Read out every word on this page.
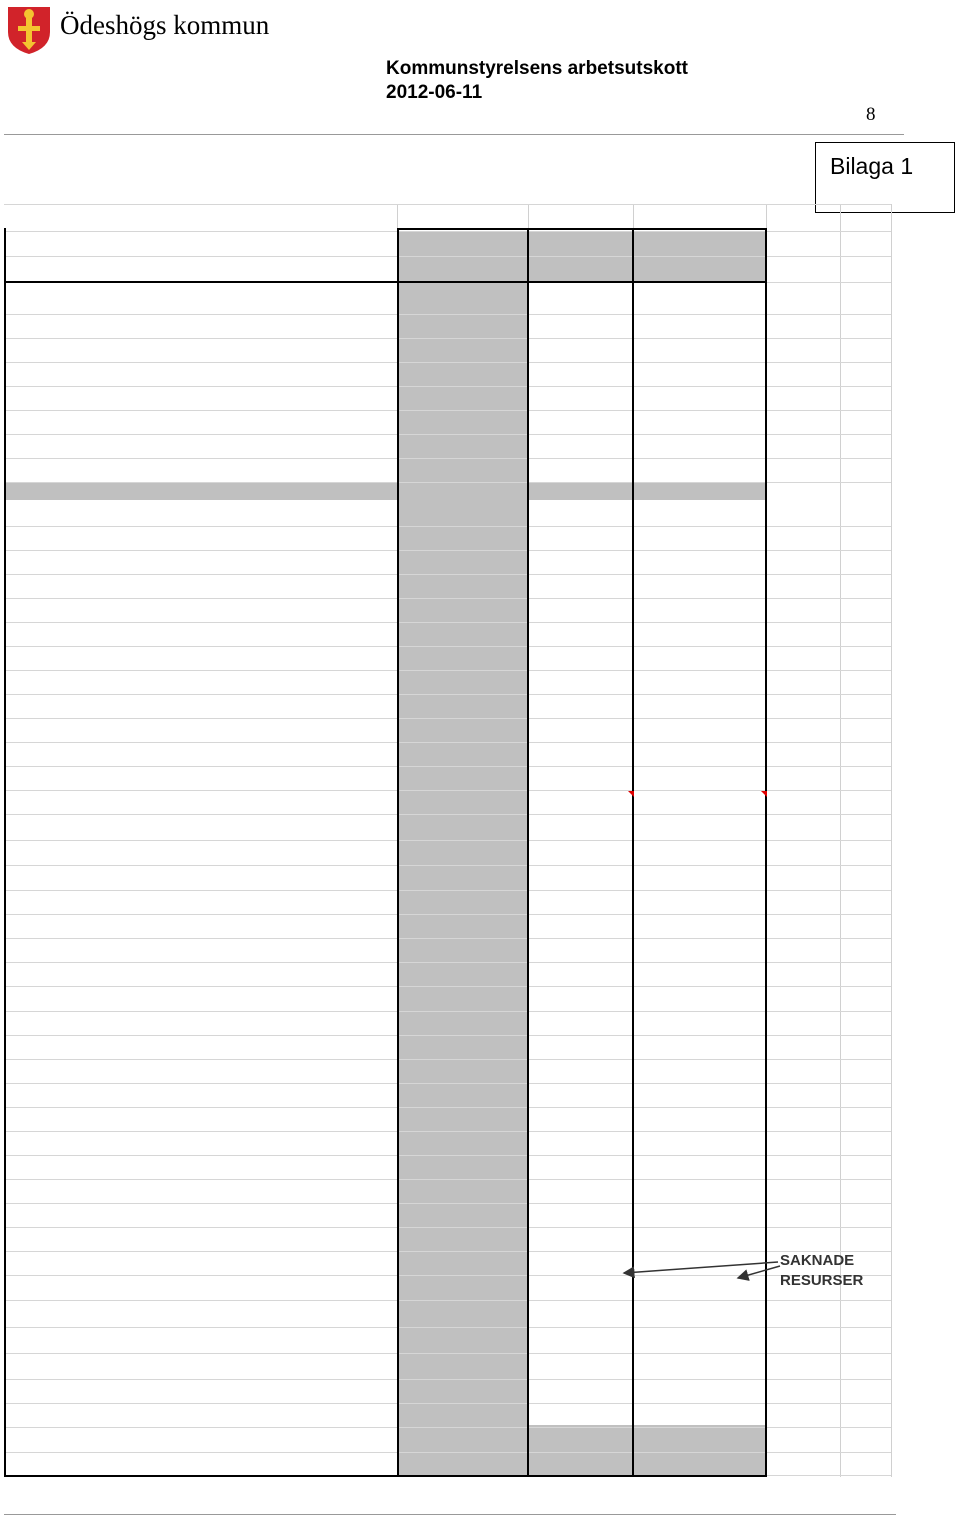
Ödeshögs kommun
Kommunstyrelsens arbetsutskott
2012-06-11
8
Bilaga 1
SAKNADE
RESURSER
